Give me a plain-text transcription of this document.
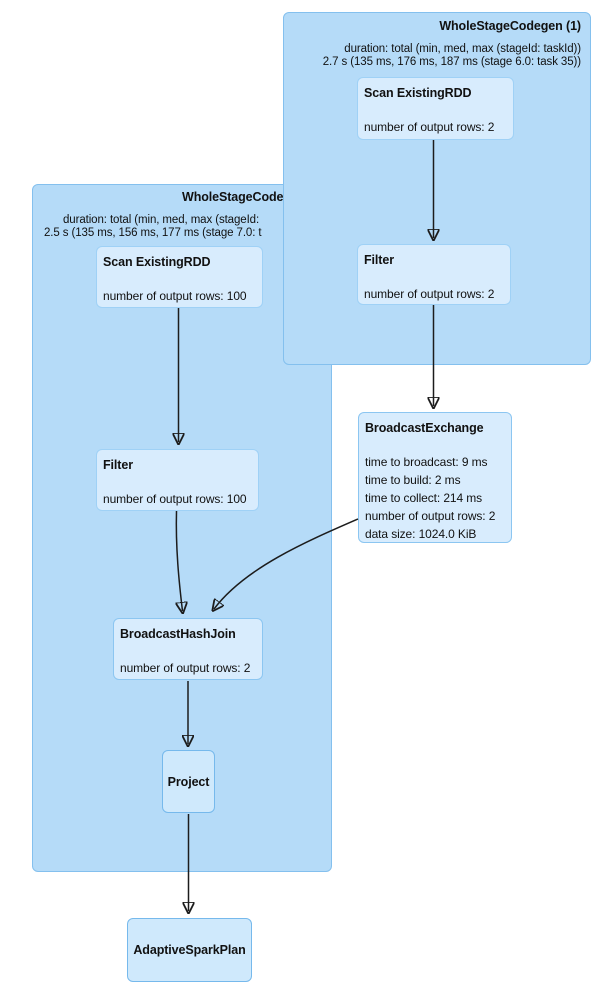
WholeStageCode
duration: total (min, med, max (stageId:
2.5 s (135 ms, 156 ms, 177 ms (stage 7.0: t
Scan ExistingRDD
number of output rows: 100
Filter
number of output rows: 100
WholeStageCodegen (1)
duration: total (min, med, max (stageId: taskId))
2.7 s (135 ms, 176 ms, 187 ms (stage 6.0: task 35))
Scan ExistingRDD
number of output rows: 2
Filter
number of output rows: 2
BroadcastExchange
time to broadcast: 9 ms
time to build: 2 ms
time to collect: 214 ms
number of output rows: 2
data size: 1024.0 KiB
BroadcastHashJoin
number of output rows: 2
Project
AdaptiveSparkPlan
